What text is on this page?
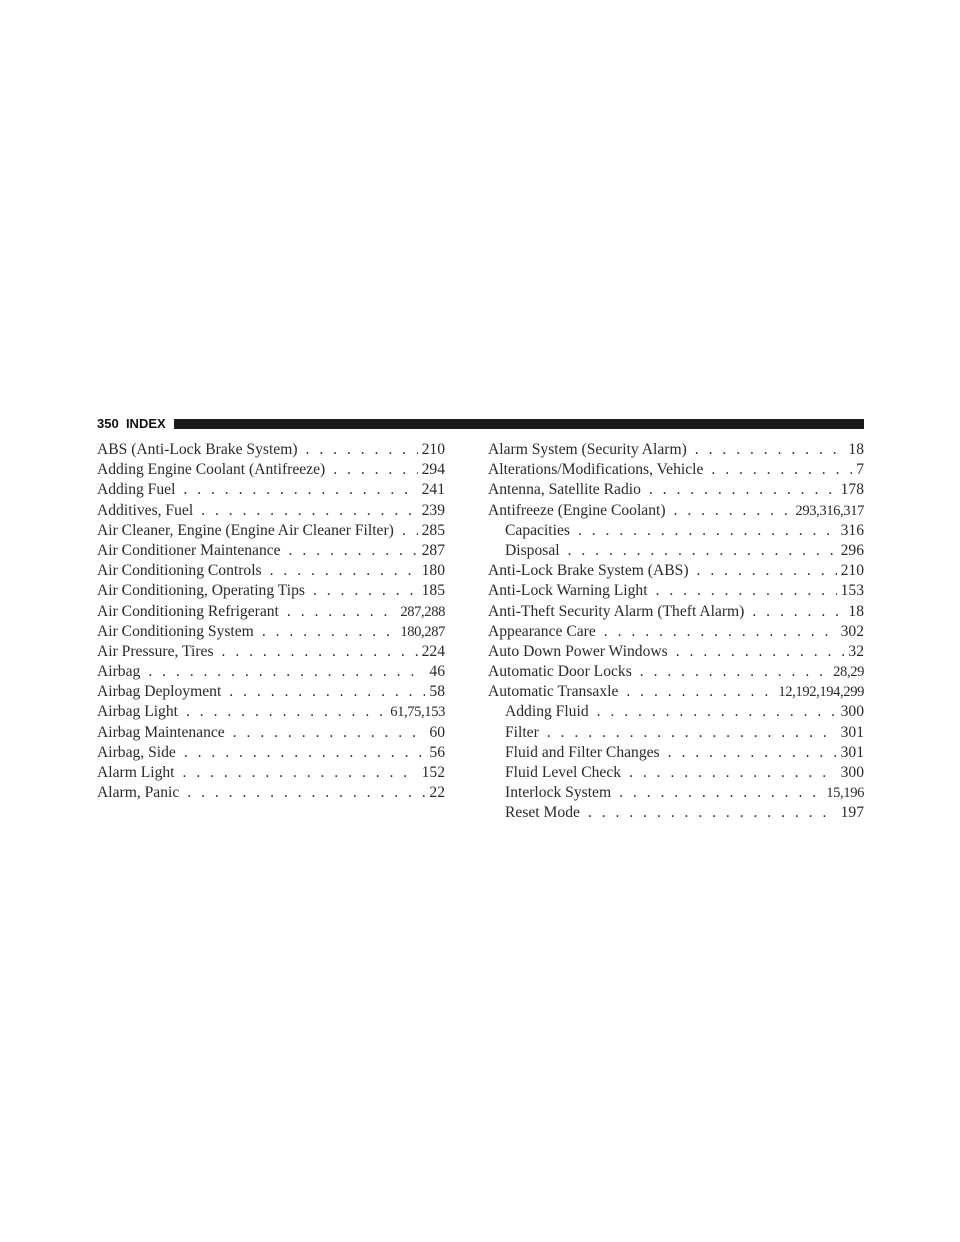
350 INDEX
ABS (Anti-Lock Brake System) . . .	210
Adding Engine Coolant (Antifreeze) . . .	294
Adding Fuel . . .	241
Additives, Fuel . . .	239
Air Cleaner, Engine (Engine Air Cleaner Filter) . . . 285
Air Conditioner Maintenance . . .	287
Air Conditioning Controls . . .	180
Air Conditioning, Operating Tips . . .	185
Air Conditioning Refrigerant . . .	287,288
Air Conditioning System . . .	180,287
Air Pressure, Tires . . .	224
Airbag . . .	46
Airbag Deployment . . .	58
Airbag Light . . .	61,75,153
Airbag Maintenance . . .	60
Airbag, Side . . .	56
Alarm Light . . .	152
Alarm, Panic . . .	22
Alarm System (Security Alarm) . . .	18
Alterations/Modifications, Vehicle . . .	7
Antenna, Satellite Radio . . .	178
Antifreeze (Engine Coolant) . . .	293,316,317
Capacities . . .	316
Disposal . . .	296
Anti-Lock Brake System (ABS) . . .	210
Anti-Lock Warning Light . . .	153
Anti-Theft Security Alarm (Theft Alarm) . . .	18
Appearance Care . . .	302
Auto Down Power Windows . . .	32
Automatic Door Locks . . .	28,29
Automatic Transaxle . . .	12,192,194,299
Adding Fluid . . .	300
Filter . . .	301
Fluid and Filter Changes . . .	301
Fluid Level Check . . .	300
Interlock System . . .	15,196
Reset Mode . . .	197
